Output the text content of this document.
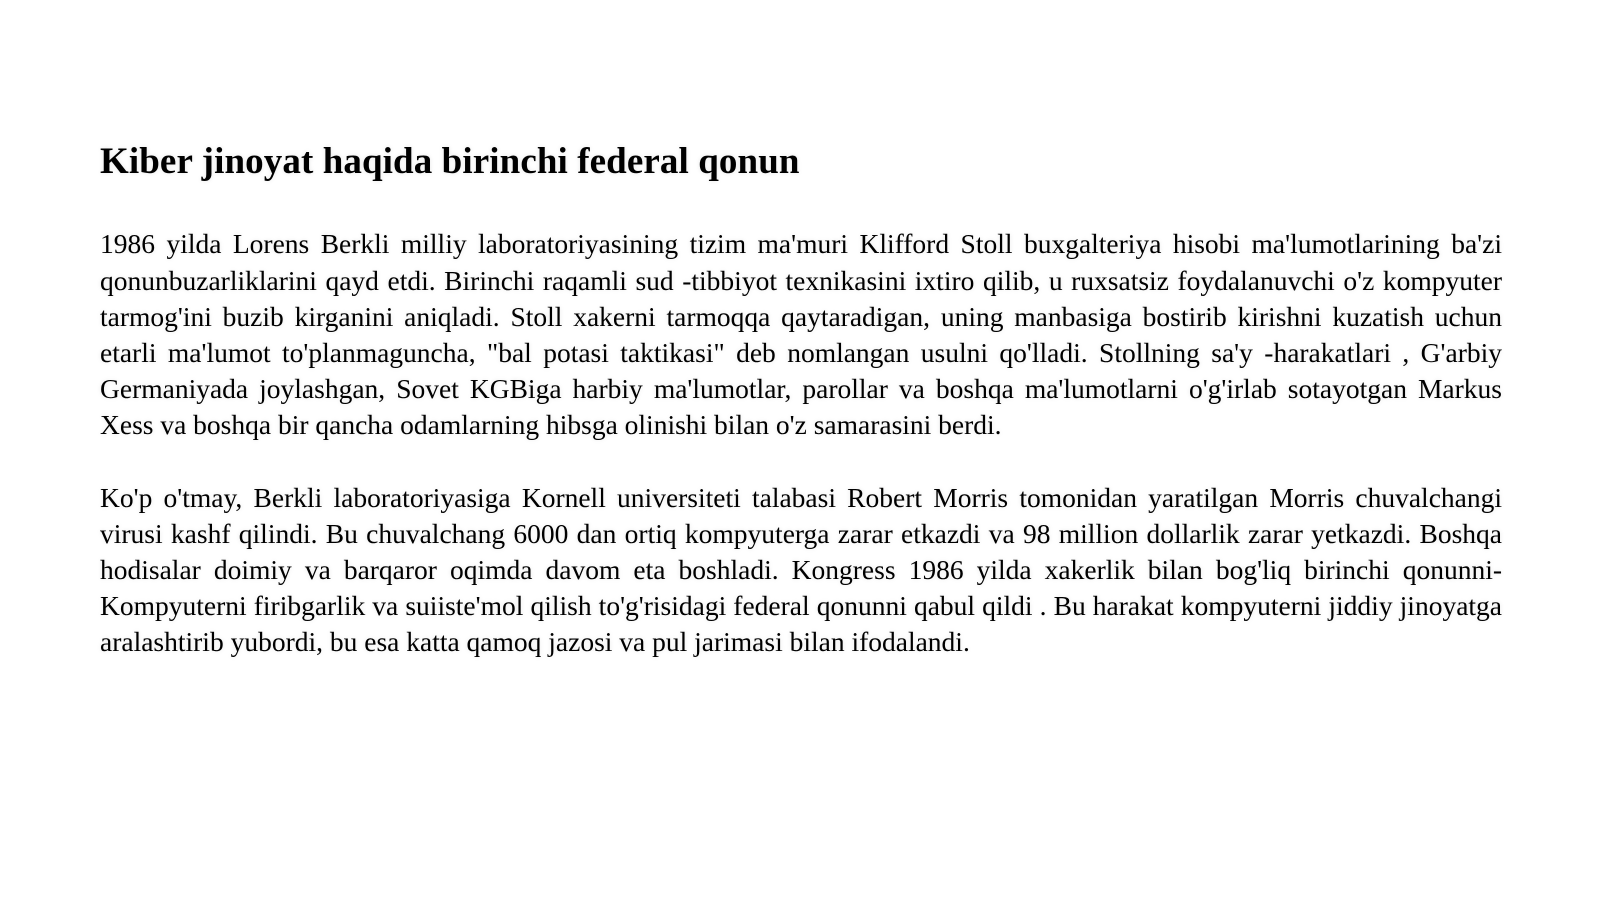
Kiber jinoyat haqida birinchi federal qonun

1986 yilda Lorens Berkli milliy laboratoriyasining tizim ma'muri Klifford Stoll buxgalteriya hisobi ma'lumotlarining ba'zi qonunbuzarliklarini qayd etdi. Birinchi raqamli sud -tibbiyot texnikasini ixtiro qilib, u ruxsatsiz foydalanuvchi o'z kompyuter tarmog'ini buzib kirganini aniqladi. Stoll xakerni tarmoqqa qaytaradigan, uning manbasiga bostirib kirishni kuzatish uchun etarli ma'lumot to'planmaguncha, "bal potasi taktikasi" deb nomlangan usulni qo'lladi. Stollning sa'y -harakatlari , G'arbiy Germaniyada joylashgan, Sovet KGBiga harbiy ma'lumotlar, parollar va boshqa ma'lumotlarni o'g'irlab sotayotgan Markus Xess va boshqa bir qancha odamlarning hibsga olinishi bilan o'z samarasini berdi.

Ko'p o'tmay, Berkli laboratoriyasiga Kornell universiteti talabasi Robert Morris tomonidan yaratilgan Morris chuvalchangi virusi kashf qilindi. Bu chuvalchang 6000 dan ortiq kompyuterga zarar etkazdi va 98 million dollarlik zarar yetkazdi. Boshqa hodisalar doimiy va barqaror oqimda davom eta boshladi. Kongress 1986 yilda xakerlik bilan bog'liq birinchi qonunni-Kompyuterni firibgarlik va suiiste'mol qilish to'g'risidagi federal qonunni qabul qildi . Bu harakat kompyuterni jiddiy jinoyatga aralashtirib yubordi, bu esa katta qamoq jazosi va pul jarimasi bilan ifodalandi.
